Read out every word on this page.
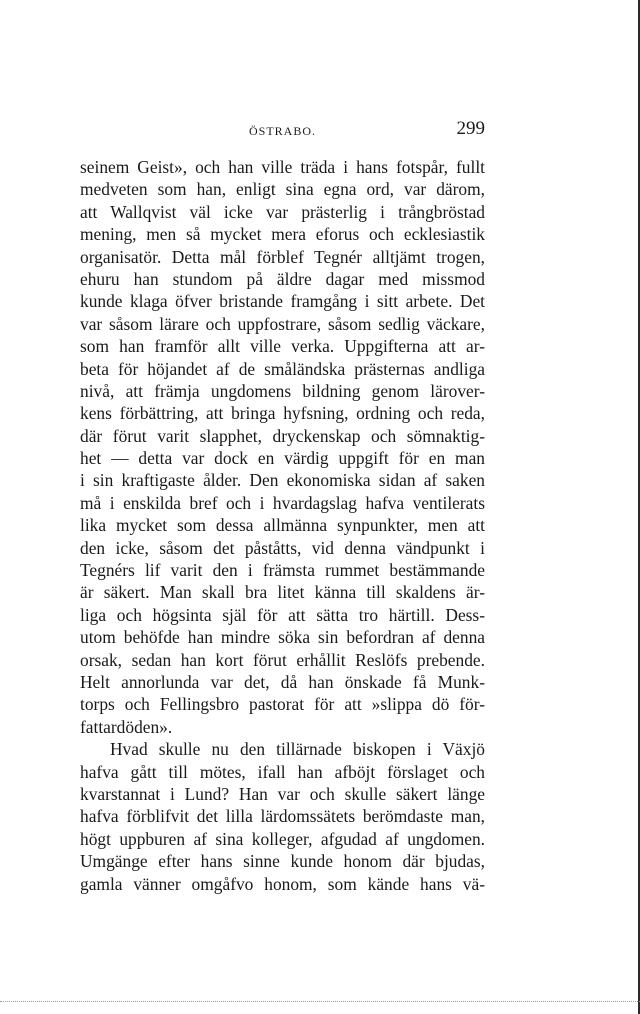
ÖSTRABO.	299
seinem Geist», och han ville träda i hans fotspår, fullt
medveten som han, enligt sina egna ord, var därom,
att Wallqvist väl icke var prästerlig i trångbröstad
mening, men så mycket mera eforus och ecklesiastik
organisatör. Detta mål förblef Tegnér alltjämt trogen,
ehuru han stundom på äldre dagar med missmod
kunde klaga öfver bristande framgång i sitt arbete. Det
var såsom lärare och uppfostrare, såsom sedlig väckare,
som han framför allt ville verka. Uppgifterna att ar-
beta för höjandet af de småländska prästernas andliga
nivå, att främja ungdomens bildning genom lärover-
kens förbättring, att bringa hyfsning, ordning och reda,
där förut varit slapphet, dryckenskap och sömnaktig-
het — detta var dock en värdig uppgift för en man
i sin kraftigaste ålder. Den ekonomiska sidan af saken
må i enskilda bref och i hvardagslag hafva ventilerats
lika mycket som dessa allmänna synpunkter, men att
den icke, såsom det påståtts, vid denna vändpunkt i
Tegnérs lif varit den i främsta rummet bestämmande
är säkert. Man skall bra litet känna till skaldens är-
liga och högsinta själ för att sätta tro härtill. Dess-
utom behöfde han mindre söka sin befordran af denna
orsak, sedan han kort förut erhållit Reslöfs prebende.
Helt annorlunda var det, då han önskade få Munk-
torps och Fellingsbro pastorat för att »slippa dö för-
fattardöden».
Hvad skulle nu den tillärnade biskopen i Växjö
hafva gått till mötes, ifall han afböjt förslaget och
kvarstannat i Lund? Han var och skulle säkert länge
hafva förblifvit det lilla lärdomssätets berömdaste man,
högt uppburen af sina kolleger, afgudad af ungdomen.
Umgänge efter hans sinne kunde honom där bjudas,
gamla vänner omgåfvo honom, som kände hans vä-
